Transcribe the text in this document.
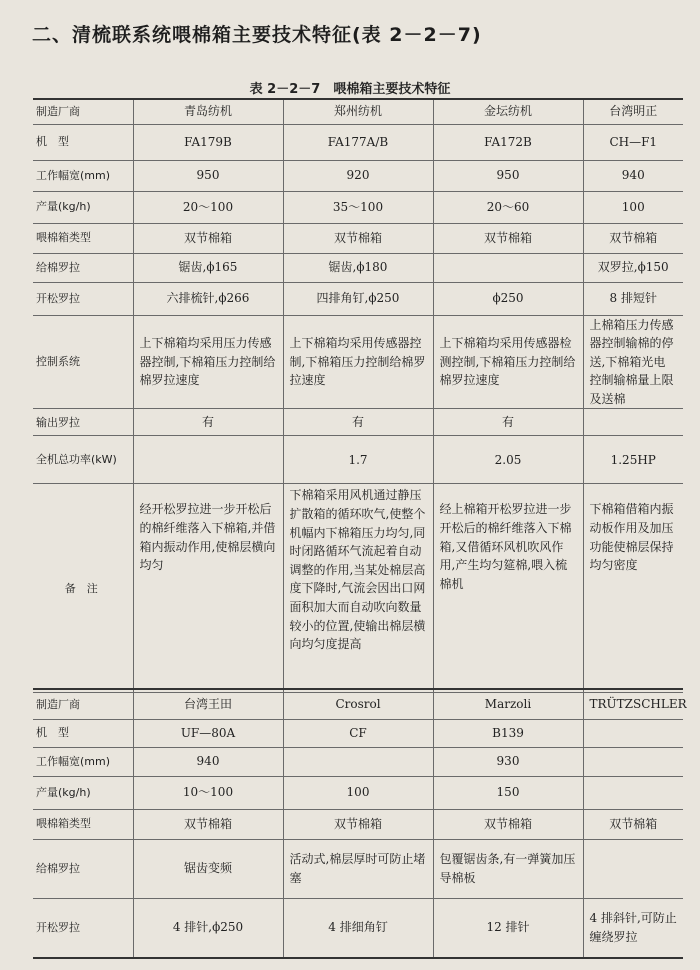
二、清梳联系统喂棉箱主要技术特征(表 2－2－7)
表 2－2－7　喂棉箱主要技术特征
制造厂商	青岛纺机	郑州纺机	金坛纺机	台湾明正
机　型	FA179B	FA177A/B	FA172B	CH—F1
工作幅宽(mm)	950	920	950	940
产量(kg/h)	20～100	35～100	20～60	100
喂棉箱类型	双节棉箱	双节棉箱	双节棉箱	双节棉箱
给棉罗拉	锯齿,ϕ165	锯齿,ϕ180		双罗拉,ϕ150
开松罗拉	六排梳针,ϕ266	四排角钉,ϕ250	ϕ250	8 排短针
控制系统	上下棉箱均采用压力传感器控制,下棉箱压力控制给棉罗拉速度	上下棉箱均采用传感器控制,下棉箱压力控制给棉罗拉速度	上下棉箱均采用传感器检测控制,下棉箱压力控制给棉罗拉速度	上棉箱压力传感器控制输棉的停送,下棉箱光电控制输棉量上限及送棉
输出罗拉	有	有	有	
全机总功率(kW)		1.7	2.05	1.25HP
备　注	经开松罗拉进一步开松后的棉纤维落入下棉箱,并借箱内振动作用,使棉层横向均匀	下棉箱采用风机通过静压扩散箱的循环吹气,使整个机幅内下棉箱压力均匀,同时闭路循环气流起着自动调整的作用,当某处棉层高度下降时,气流会因出口网面积加大而自动吹向数量较小的位置,使输出棉层横向均匀度提高	经上棉箱开松罗拉进一步开松后的棉纤维落入下棉箱,又借循环风机吹风作用,产生均匀筵棉,喂入梳棉机	下棉箱借箱内振动板作用及加压功能使棉层保持均匀密度
制造厂商	台湾王田	Crosrol	Marzoli	TRÜTZSCHLER
机　型	UF—80A	CF	B139	
工作幅宽(mm)	940		930	
产量(kg/h)	10～100	100	150	
喂棉箱类型	双节棉箱	双节棉箱	双节棉箱	双节棉箱
给棉罗拉	锯齿变频	活动式,棉层厚时可防止堵塞	包覆锯齿条,有一弹簧加压导棉板	
开松罗拉	4 排针,ϕ250	4 排细角钉	12 排针	4 排斜针,可防止缠绕罗拉
